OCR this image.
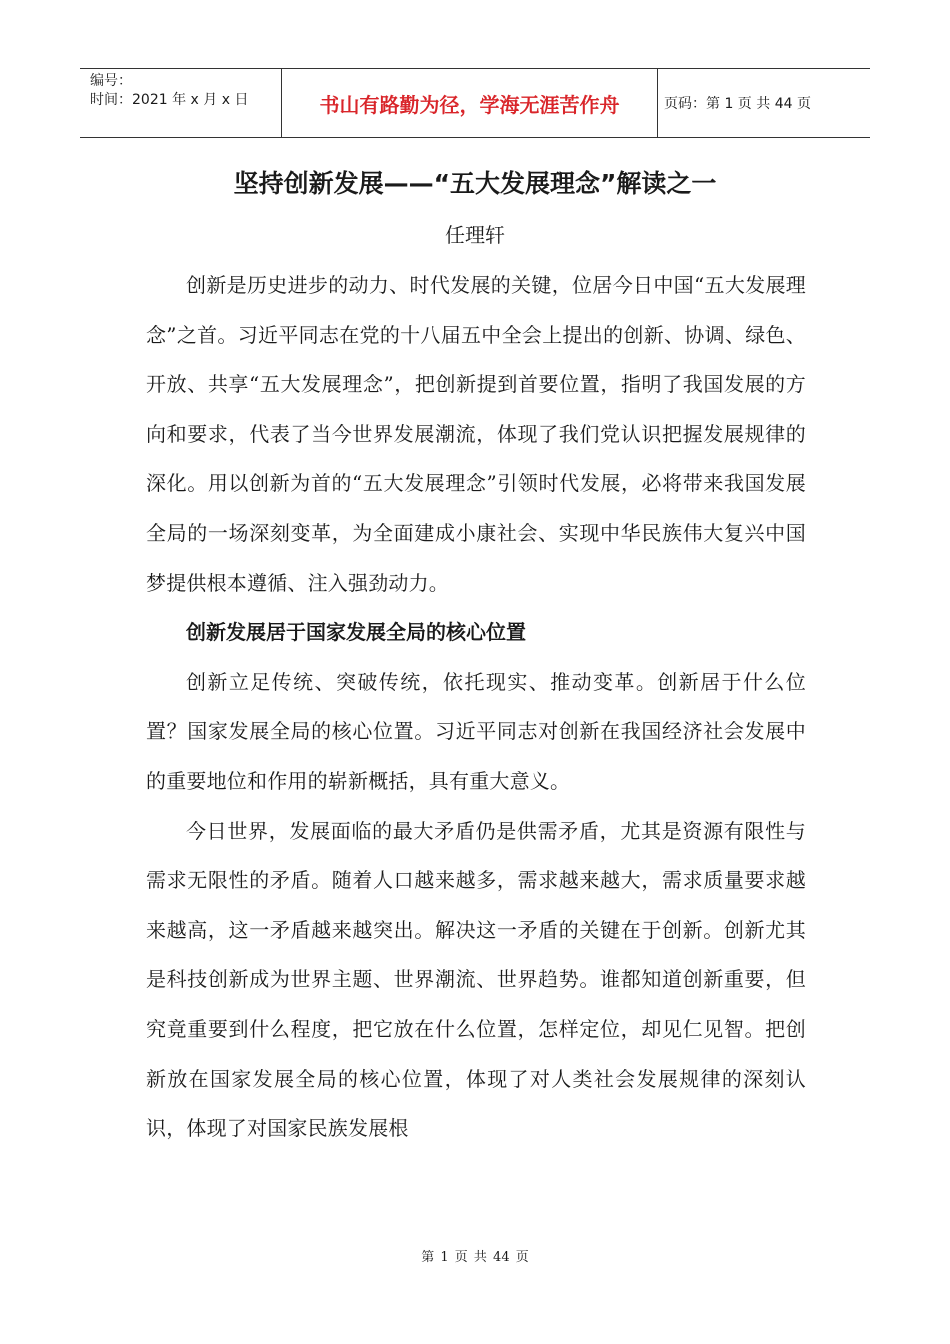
编号：
时间：2021 年 x 月 x 日	书山有路勤为径，学海无涯苦作舟	页码：第 1 页 共 44 页
坚持创新发展——“五大发展理念”解读之一
任理轩

创新是历史进步的动力、时代发展的关键，位居今日中国“五大发展理念”之首。习近平同志在党的十八届五中全会上提出的创新、协调、绿色、开放、共享“五大发展理念”，把创新提到首要位置，指明了我国发展的方向和要求，代表了当今世界发展潮流，体现了我们党认识把握发展规律的深化。用以创新为首的“五大发展理念”引领时代发展，必将带来我国发展全局的一场深刻变革，为全面建成小康社会、实现中华民族伟大复兴中国梦提供根本遵循、注入强劲动力。

创新发展居于国家发展全局的核心位置

创新立足传统、突破传统，依托现实、推动变革。创新居于什么位置？国家发展全局的核心位置。习近平同志对创新在我国经济社会发展中的重要地位和作用的崭新概括，具有重大意义。

今日世界，发展面临的最大矛盾仍是供需矛盾，尤其是资源有限性与需求无限性的矛盾。随着人口越来越多，需求越来越大，需求质量要求越来越高，这一矛盾越来越突出。解决这一矛盾的关键在于创新。创新尤其是科技创新成为世界主题、世界潮流、世界趋势。谁都知道创新重要，但究竟重要到什么程度，把它放在什么位置，怎样定位，却见仁见智。把创新放在国家发展全局的核心位置，体现了对人类社会发展规律的深刻认识，体现了对国家民族发展根

第 1 页 共 44 页
